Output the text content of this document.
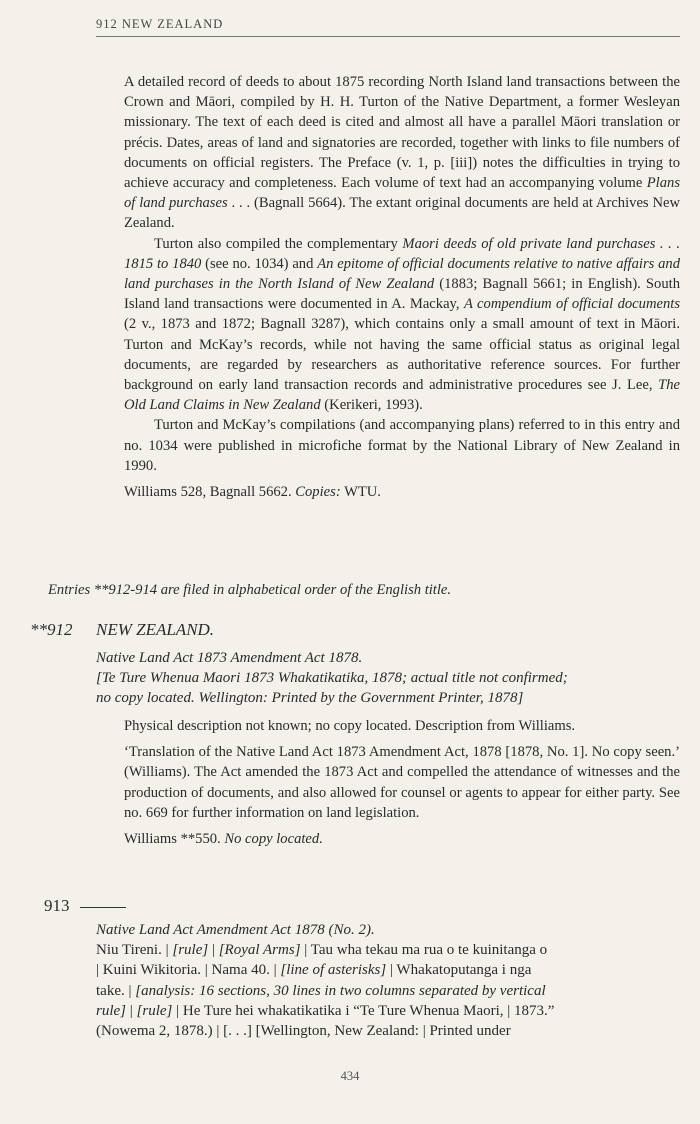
912 NEW ZEALAND

A detailed record of deeds to about 1875 recording North Island land transactions between the Crown and Māori, compiled by H. H. Turton of the Native Department, a former Wesleyan missionary. The text of each deed is cited and almost all have a parallel Māori translation or précis. Dates, areas of land and signatories are recorded, together with links to file numbers of documents on official registers. The Preface (v. 1, p. [iii]) notes the difficulties in trying to achieve accuracy and completeness. Each volume of text had an accompanying volume Plans of land purchases . . . (Bagnall 5664). The extant original documents are held at Archives New Zealand.

Turton also compiled the complementary Maori deeds of old private land purchases . . . 1815 to 1840 (see no. 1034) and An epitome of official documents relative to native affairs and land purchases in the North Island of New Zealand (1883; Bagnall 5661; in English). South Island land transactions were documented in A. Mackay, A compendium of official documents (2 v., 1873 and 1872; Bagnall 3287), which contains only a small amount of text in Māori. Turton and McKay’s records, while not having the same official status as original legal documents, are regarded by researchers as authoritative reference sources. For further background on early land transaction records and administrative procedures see J. Lee, The Old Land Claims in New Zealand (Kerikeri, 1993).

Turton and McKay’s compilations (and accompanying plans) referred to in this entry and no. 1034 were published in microfiche format by the National Library of New Zealand in 1990.

Williams 528, Bagnall 5662. Copies: WTU.

Entries **912-914 are filed in alphabetical order of the English title.
**912 NEW ZEALAND.
Native Land Act 1873 Amendment Act 1878.
[Te Ture Whenua Maori 1873 Whakatikatika, 1878; actual title not confirmed;
no copy located. Wellington: Printed by the Government Printer, 1878]

Physical description not known; no copy located. Description from Williams.

‘Translation of the Native Land Act 1873 Amendment Act, 1878 [1878, No. 1]. No copy seen.’ (Williams). The Act amended the 1873 Act and compelled the attendance of witnesses and the production of documents, and also allowed for counsel or agents to appear for either party. See no. 669 for further information on land legislation.

Williams **550. No copy located.

913
Native Land Act Amendment Act 1878 (No. 2).
Niu Tireni. | [rule] | [Royal Arms] | Tau wha tekau ma rua o te kuinitanga o
| Kuini Wikitoria. | Nama 40. | [line of asterisks] | Whakatoputanga i nga
take. | [analysis: 16 sections, 30 lines in two columns separated by vertical
rule] | [rule] | He Ture hei whakatikatika i “Te Ture Whenua Maori, | 1873.”
(Nowema 2, 1878.) | [. . .] [Wellington, New Zealand: | Printed under
434
